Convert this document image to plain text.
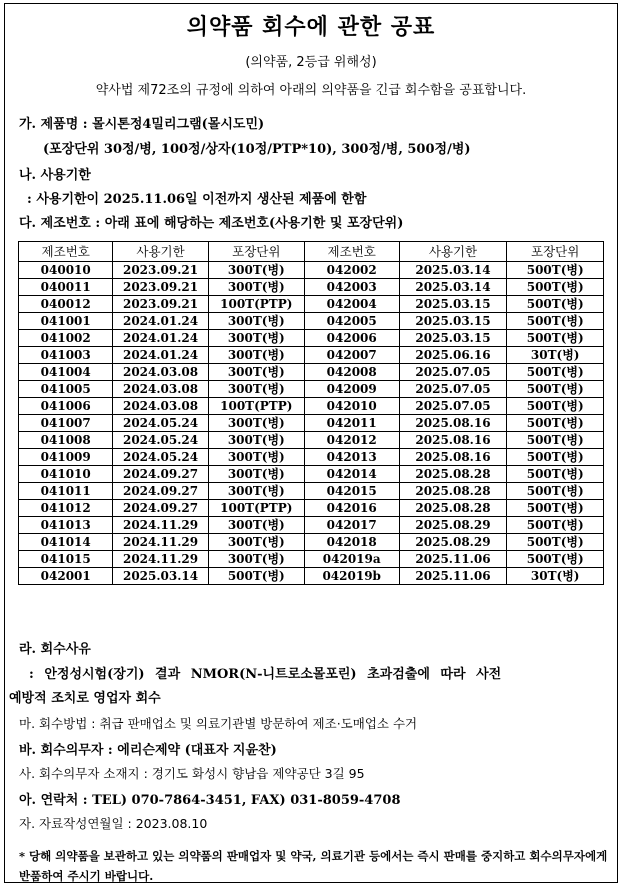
의약품 회수에 관한 공표
(의약품, 2등급 위해성)
약사법 제72조의 규정에 의하여 아래의 의약품을 긴급 회수함을 공표합니다.
가. 제품명 : 몰시톤정4밀리그램(몰시도민)
(포장단위 30정/병, 100정/상자(10정/PTP*10), 300정/병, 500정/병)
나. 사용기한
: 사용기한이 2025.11.06일 이전까지 생산된 제품에 한함
다. 제조번호 : 아래 표에 해당하는 제조번호(사용기한 및 포장단위)
제조번호	사용기한	포장단위	제조번호	사용기한	포장단위
040010	2023.09.21	300T(병)	042002	2025.03.14	500T(병)
040011	2023.09.21	300T(병)	042003	2025.03.14	500T(병)
040012	2023.09.21	100T(PTP)	042004	2025.03.15	500T(병)
041001	2024.01.24	300T(병)	042005	2025.03.15	500T(병)
041002	2024.01.24	300T(병)	042006	2025.03.15	500T(병)
041003	2024.01.24	300T(병)	042007	2025.06.16	30T(병)
041004	2024.03.08	300T(병)	042008	2025.07.05	500T(병)
041005	2024.03.08	300T(병)	042009	2025.07.05	500T(병)
041006	2024.03.08	100T(PTP)	042010	2025.07.05	500T(병)
041007	2024.05.24	300T(병)	042011	2025.08.16	500T(병)
041008	2024.05.24	300T(병)	042012	2025.08.16	500T(병)
041009	2024.05.24	300T(병)	042013	2025.08.16	500T(병)
041010	2024.09.27	300T(병)	042014	2025.08.28	500T(병)
041011	2024.09.27	300T(병)	042015	2025.08.28	500T(병)
041012	2024.09.27	100T(PTP)	042016	2025.08.28	500T(병)
041013	2024.11.29	300T(병)	042017	2025.08.29	500T(병)
041014	2024.11.29	300T(병)	042018	2025.08.29	500T(병)
041015	2024.11.29	300T(병)	042019a	2025.11.06	500T(병)
042001	2025.03.14	500T(병)	042019b	2025.11.06	30T(병)
라. 회수사유
: 안정성시험(장기) 결과 NMOR(N-니트로소몰포린) 초과검출에 따라 사전
예방적 조치로 영업자 회수
마. 회수방법 : 취급 판매업소 및 의료기관별 방문하여 제조·도매업소 수거
바. 회수의무자 : 에리슨제약 (대표자 지윤찬)
사. 회수의무자 소재지 : 경기도 화성시 향남읍 제약공단 3길 95
아. 연락처 : TEL) 070-7864-3451, FAX) 031-8059-4708
자. 자료작성연월일 : 2023.08.10
* 당해 의약품을 보관하고 있는 의약품의 판매업자 및 약국, 의료기관 등에서는 즉시 판매를 중지하고 회수의무자에게 반품하여 주시기 바랍니다.
